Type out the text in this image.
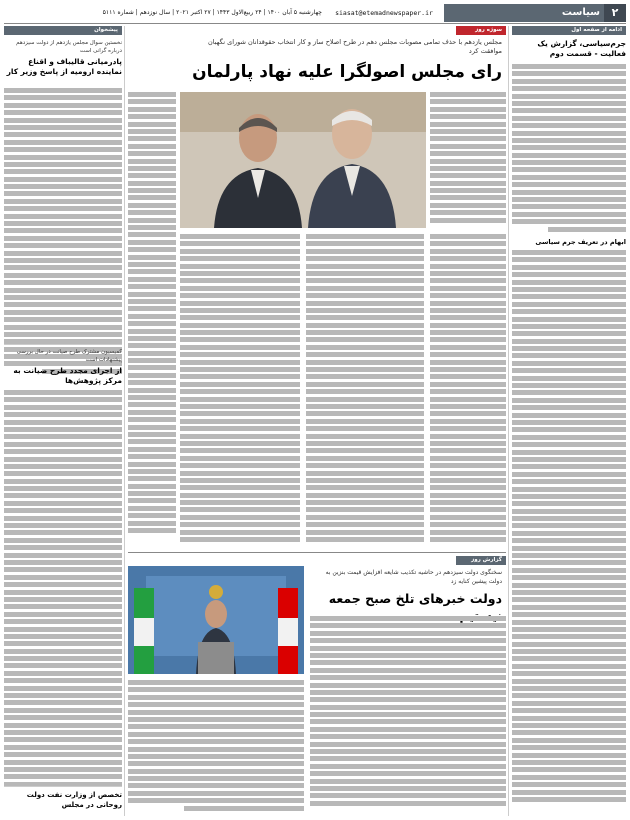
چهارشنبه ۵ آبان ۱۴۰۰ | ۲۴ ربیع‌الاول ۱۴۴۳ | ۲۷ اکتبر ۲۰۲۱ | سال نوزدهم | شماره ۵۱۱۱	siasat@etemadnewspaper.ir	سیاست	۲
ادامه از صفحه اول
جرم‌سیاسی، گزارش یک فعالیت - قسمت دوم
ابهام در تعریف جرم سیاسی
سوژه روز
مجلس یازدهم با حذف تمامی مصوبات مجلس دهم در طرح اصلاح ساز و کار انتخاب حقوقدانان شورای نگهبان موافقت کرد
رای مجلس اصولگرا علیه نهاد پارلمان
گزارش روز
سخنگوی دولت سیزدهم در حاشیه تکذیب شایعه افزایش قیمت بنزین به دولت پیشین کنایه زد
دولت خبرهای تلخ صبح جمعه
پیشخوان
نخستین سوال مجلس یازدهم از دولت سیزدهم درباره گرانی است
پادرمیانی قالیباف و اقناع نماینده ارومیه از پاسخ وزیر کار
کمیسیون مشترک طرح صیانت در حال بررسی پیشنهادات است
از اجرای مجدد طرح صیانت به مرکز پژوهش‌ها
تخصص از وزارت نفت دولت روحانی در مجلس
